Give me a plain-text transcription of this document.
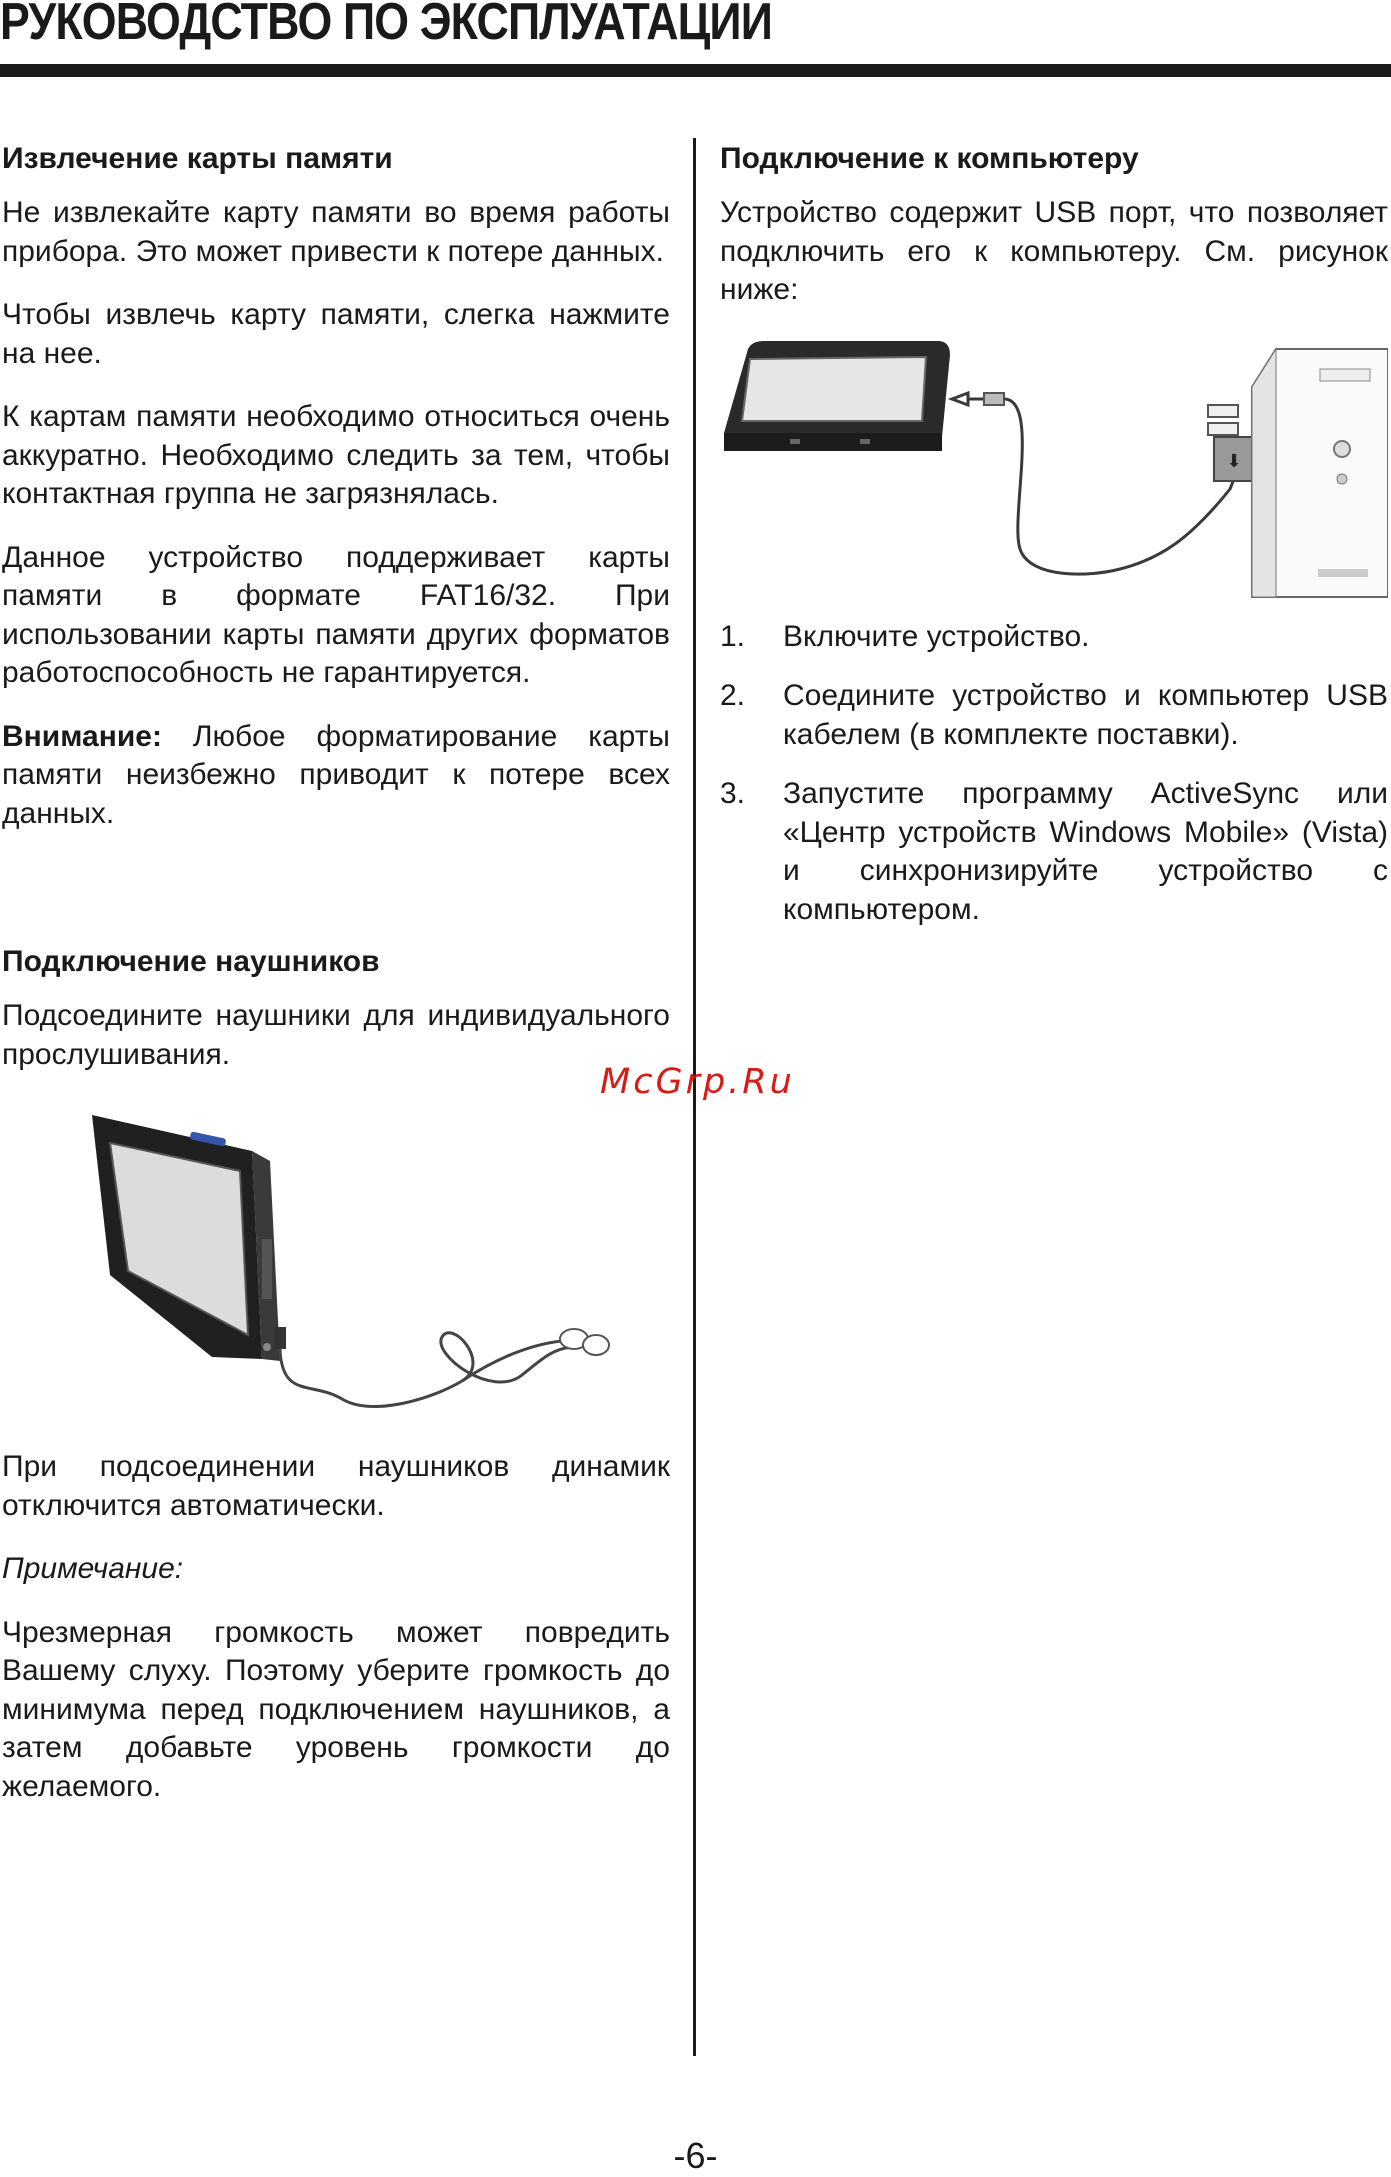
РУКОВОДСТВО ПО ЭКСПЛУАТАЦИИ
Извлечение карты памяти

Не извлекайте карту памяти во время работы прибора. Это может привести к потере данных.

Чтобы извлечь карту памяти, слегка нажмите на нее.

К картам памяти необходимо относиться очень аккуратно. Необходимо следить за тем, чтобы контактная группа не загрязнялась.

Данное устройство поддерживает карты памяти в формате FAT16/32. При использовании карты памяти других форматов работоспособность не гарантируется.

Внимание: Любое форматирование карты памяти неизбежно приводит к потере всех данных.

Подключение наушников

Подсоедините наушники для индивидуального прослушивания.

При подсоединении наушников динамик отключится автоматически.

Примечание:

Чрезмерная громкость может повредить Вашему слуху. Поэтому уберите громкость до минимума перед подключением наушников, а затем добавьте уровень громкости до желаемого.

Подключение к компьютеру

Устройство содержит USB порт, что позволяет подключить его к компьютеру. См. рисунок ниже:

⬇
1.	Включите устройство.
2.	Соедините устройство и компьютер USB кабелем (в комплекте поставки).
3.	Запустите программу ActiveSync или «Центр устройств Windows Mobile» (Vista) и синхронизируйте устройство с компьютером.
McGrp.Ru
-6-
